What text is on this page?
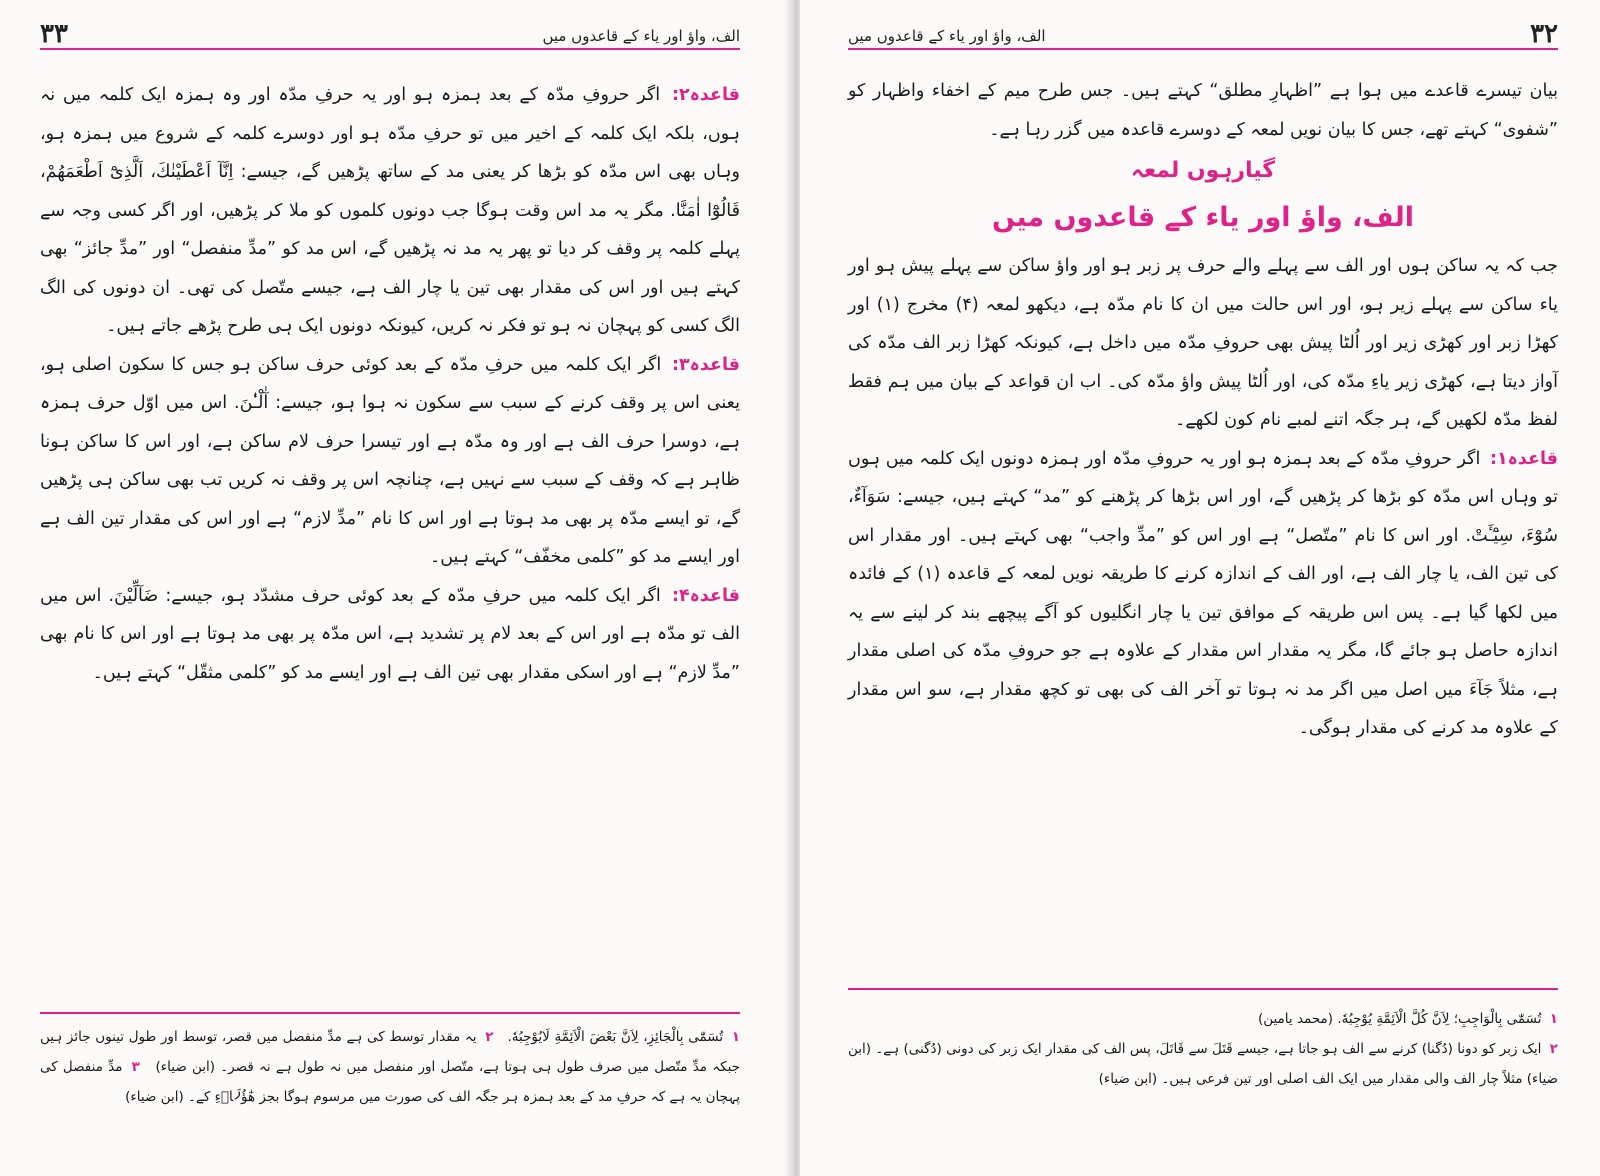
۳۳	الف، واؤ اور یاء کے قاعدوں میں

قاعدہ۲: اگر حروفِ مدّہ کے بعد ہمزہ ہو اور یہ حرفِ مدّہ اور وہ ہمزہ ایک کلمہ میں نہ ہوں، بلکہ ایک کلمہ کے اخیر میں تو حرفِ مدّہ ہو اور دوسرے کلمہ کے شروع میں ہمزہ ہو، وہاں بھی اس مدّہ کو بڑھا کر یعنی مد کے ساتھ پڑھیں گے، جیسے: اِنَّآ اَعْطَیْنٰكَ، اَلَّذِیْٓ اَطْعَمَهُمْ، قَالُوْٓا اٰمَنَّا. مگر یہ مد اس وقت ہوگا جب دونوں کلموں کو ملا کر پڑھیں، اور اگر کسی وجہ سے پہلے کلمہ پر وقف کر دیا تو پھر یہ مد نہ پڑھیں گے، اس مد کو ”مدِّ منفصل“ اور ”مدِّ جائز“ بھی کہتے ہیں اور اس کی مقدار بھی تین یا چار الف ہے، جیسے متّصل کی تھی۔ ان دونوں کی الگ الگ کسی کو پہچان نہ ہو تو فکر نہ کریں، کیونکہ دونوں ایک ہی طرح پڑھے جاتے ہیں۔

قاعدہ۳: اگر ایک کلمہ میں حرفِ مدّہ کے بعد کوئی حرف ساکن ہو جس کا سکون اصلی ہو، یعنی اس پر وقف کرنے کے سبب سے سکون نہ ہوا ہو، جیسے: آٰلْـٰٔنَ. اس میں اوّل حرف ہمزہ ہے، دوسرا حرف الف ہے اور وہ مدّہ ہے اور تیسرا حرف لام ساکن ہے، اور اس کا ساکن ہونا ظاہر ہے کہ وقف کے سبب سے نہیں ہے، چنانچہ اس پر وقف نہ کریں تب بھی ساکن ہی پڑھیں گے، تو ایسے مدّہ پر بھی مد ہوتا ہے اور اس کا نام ”مدِّ لازم“ ہے اور اس کی مقدار تین الف ہے اور ایسے مد کو ”کلمی مخفّف“ کہتے ہیں۔

قاعدہ۴: اگر ایک کلمہ میں حرفِ مدّہ کے بعد کوئی حرف مشدّد ہو، جیسے: ضَآلِّیْنَ. اس میں الف تو مدّہ ہے اور اس کے بعد لام پر تشدید ہے، اس مدّہ پر بھی مد ہوتا ہے اور اس کا نام بھی ”مدِّ لازم“ ہے اور اسکی مقدار بھی تین الف ہے اور ایسے مد کو ”کلمی مثقّل“ کہتے ہیں۔

۱ تُسَمّٰی بِالْجَائِزِ، لِاَنَّ بَعْضَ الْاَئِمَّةِ لَایُوْجِبُهٗ.   ۲ یہ مقدار توسط کی ہے مدِّ منفصل میں قصر، توسط اور طول تینوں جائز ہیں جبکہ مدِّ متّصل میں صرف طول ہی ہوتا ہے، متّصل اور منفصل میں نہ طول ہے نہ قصر۔ (ابن ضیاء)   ۳ مدِّ منفصل کی پہچان یہ ہے کہ حرفِ مد کے بعد ہمزہ ہر جگہ الف کی صورت میں مرسوم ہوگا بجز هٰٓؤُلَاۤءِ کے۔ (ابن ضیاء)

الف، واؤ اور یاء کے قاعدوں میں	۳۲

بیان تیسرے قاعدے میں ہوا ہے ”اظہارِ مطلق“ کہتے ہیں۔ جس طرح میم کے اخفاء واظہار کو ”شفوی“ کہتے تھے، جس کا بیان نویں لمعہ کے دوسرے قاعدہ میں گزر رہا ہے۔

گیارہوں لمعہ
الف، واؤ اور یاء کے قاعدوں میں

جب کہ یہ ساکن ہوں اور الف سے پہلے والے حرف پر زبر ہو اور واؤ ساکن سے پہلے پیش ہو اور یاء ساکن سے پہلے زیر ہو، اور اس حالت میں ان کا نام مدّہ ہے، دیکھو لمعہ (۴) مخرج (۱) اور کھڑا زبر اور کھڑی زیر اور اُلٹا پیش بھی حروفِ مدّہ میں داخل ہے، کیونکہ کھڑا زبر الف مدّہ کی آواز دیتا ہے، کھڑی زیر یاءِ مدّہ کی، اور اُلٹا پیش واؤ مدّہ کی۔ اب ان قواعد کے بیان میں ہم فقط لفظ مدّہ لکھیں گے، ہر جگہ اتنے لمبے نام کون لکھے۔

قاعدہ۱: اگر حروفِ مدّہ کے بعد ہمزہ ہو اور یہ حروفِ مدّہ اور ہمزہ دونوں ایک کلمہ میں ہوں تو وہاں اس مدّہ کو بڑھا کر پڑھیں گے، اور اس بڑھا کر پڑھنے کو ”مد“ کہتے ہیں، جیسے: سَوَآءٌ، سُوْٓءَ، سِیْٓـَٔتْ. اور اس کا نام ”متّصل“ ہے اور اس کو ”مدِّ واجب“ بھی کہتے ہیں۔ اور مقدار اس کی تین الف، یا چار الف ہے، اور الف کے اندازہ کرنے کا طریقہ نویں لمعہ کے قاعدہ (۱) کے فائدہ میں لکھا گیا ہے۔ پس اس طریقہ کے موافق تین یا چار انگلیوں کو آگے پیچھے بند کر لینے سے یہ اندازہ حاصل ہو جائے گا، مگر یہ مقدار اس مقدار کے علاوہ ہے جو حروفِ مدّہ کی اصلی مقدار ہے، مثلاً جَآءَ میں اصل میں اگر مد نہ ہوتا تو آخر الف کی بھی تو کچھ مقدار ہے، سو اس مقدار کے علاوہ مد کرنے کی مقدار ہوگی۔

۱ تُسَمّٰی بِالْوَاجِبِ؛ لِاَنَّ كُلَّ الْاَئِمَّةِ یُوْجِبُهٗ. (محمد یامین)

۲ ایک زبر کو دونا (دُگنا) کرنے سے الف ہو جاتا ہے، جیسے قَتَلَ سے قَاتَلَ، پس الف کی مقدار ایک زبر کی دونی (دُگنی) ہے۔ (ابن ضیاء) مثلاً چار الف والی مقدار میں ایک الف اصلی اور تین فرعی ہیں۔ (ابن ضیاء)
